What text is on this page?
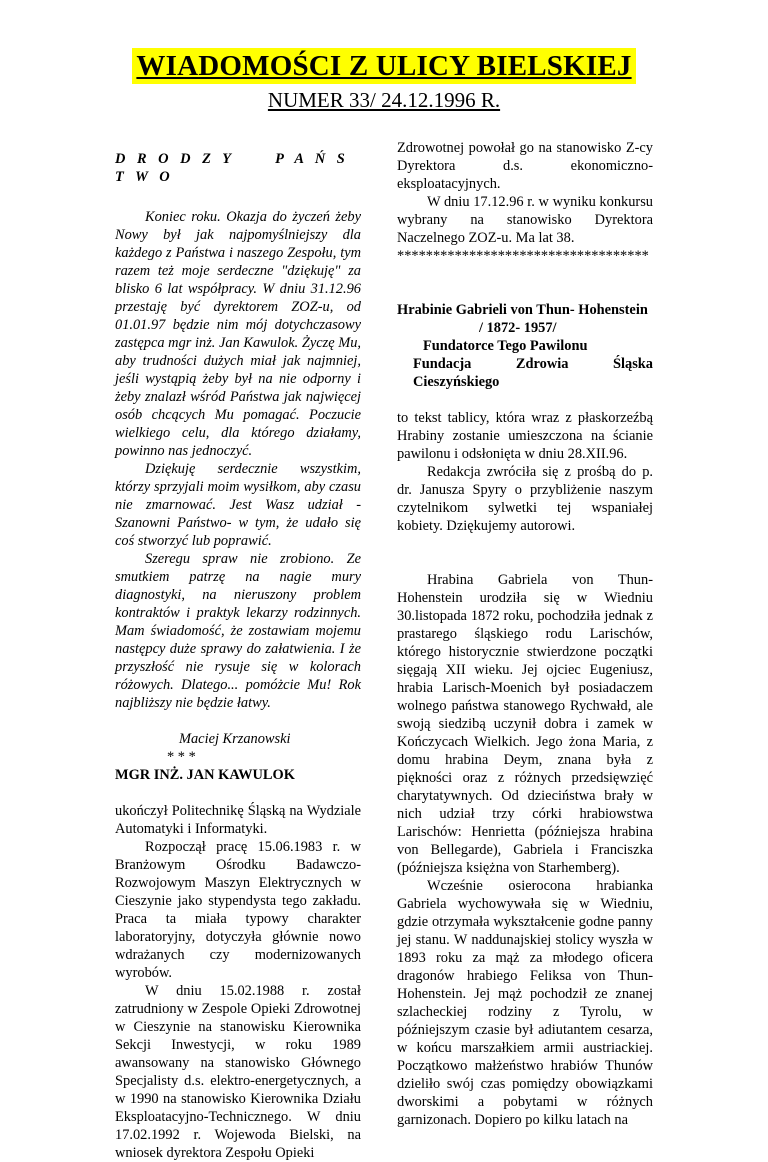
WIADOMOŚCI Z ULICY BIELSKIEJ
NUMER 33/ 24.12.1996 R.
D R O D Z Y	P A Ń S T W O

Koniec roku. Okazja do życzeń żeby Nowy był jak najpomyślniejszy dla każdego z Państwa i naszego Zespołu, tym razem też moje serdeczne "dziękuję" za blisko 6 lat współpracy. W dniu 31.12.96 przestaję być dyrektorem ZOZ-u, od 01.01.97 będzie nim mój dotychczasowy zastępca mgr inż. Jan Kawulok. Życzę Mu, aby trudności dużych miał jak najmniej, jeśli wystąpią żeby był na nie odporny i żeby znalazł wśród Państwa jak najwięcej osób chcących Mu pomagać. Poczucie wielkiego celu, dla którego działamy, powinno nas jednoczyć.

Dziękuję serdecznie wszystkim, którzy sprzyjali moim wysiłkom, aby czasu nie zmarnować. Jest Wasz udział - Szanowni Państwo- w tym, że udało się coś stworzyć lub poprawić.

Szeregu spraw nie zrobiono. Ze smutkiem patrzę na nagie mury diagnostyki, na nieruszony problem kontraktów i praktyk lekarzy rodzinnych. Mam świadomość, że zostawiam mojemu następcy duże sprawy do załatwienia. I że przyszłość nie rysuje się w kolorach różowych. Dlatego... pomóżcie Mu! Rok najbliższy nie będzie łatwy.

Maciej Krzanowski

* * *

MGR INŻ. JAN KAWULOK

ukończył Politechnikę Śląską na Wydziale Automatyki i Informatyki.

Rozpoczął pracę 15.06.1983 r. w Branżowym Ośrodku Badawczo- Rozwojowym Maszyn Elektrycznych w Cieszynie jako stypendysta tego zakładu. Praca ta miała typowy charakter laboratoryjny, dotyczyła głównie nowo wdrażanych czy modernizowanych wyrobów.

W dniu 15.02.1988 r. został zatrudniony w Zespole Opieki Zdrowotnej w Cieszynie na stanowisku Kierownika Sekcji Inwestycji, w roku 1989 awansowany na stanowisko Głównego Specjalisty d.s. elektro-energetycznych, a w 1990 na stanowisko Kierownika Działu Eksploatacyjno-Technicznego. W dniu 17.02.1992 r. Wojewoda Bielski, na wniosek dyrektora Zespołu Opieki

Zdrowotnej powołał go na stanowisko Z-cy Dyrektora d.s. ekonomiczno-eksploatacyjnych.

W dniu 17.12.96 r. w wyniku konkursu wybrany na stanowisko Dyrektora Naczelnego ZOZ-u. Ma lat 38.

***********************************

Hrabinie Gabrieli von Thun- Hohenstein

/ 1872- 1957/

Fundatorce Tego Pawilonu

Fundacja Zdrowia Śląska Cieszyńskiego

to tekst tablicy, która wraz z płaskorzeźbą Hrabiny zostanie umieszczona na ścianie pawilonu i odsłonięta w dniu 28.XII.96.

Redakcja zwróciła się z prośbą do p. dr. Janusza Spyry o przybliżenie naszym czytelnikom sylwetki tej wspaniałej kobiety. Dziękujemy autorowi.

Hrabina Gabriela von Thun-Hohenstein urodziła się w Wiedniu 30.listopada 1872 roku, pochodziła jednak z prastarego śląskiego rodu Larischów, którego historycznie stwierdzone początki sięgają XII wieku. Jej ojciec Eugeniusz, hrabia Larisch-Moenich był posiadaczem wolnego państwa stanowego Rychwałd, ale swoją siedzibą uczynił dobra i zamek w Kończycach Wielkich. Jego żona Maria, z domu hrabina Deym, znana była z piękności oraz z różnych przedsięwzięć charytatywnych. Od dzieciństwa brały w nich udział trzy córki hrabiowstwa Larischów: Henrietta (późniejsza hrabina von Bellegarde), Gabriela i Franciszka (późniejsza księżna von Starhemberg).

Wcześnie osierocona hrabianka Gabriela wychowywała się w Wiedniu, gdzie otrzymała wykształcenie godne panny jej stanu. W naddunajskiej stolicy wyszła w 1893 roku za mąż za młodego oficera dragonów hrabiego Feliksa von Thun-Hohenstein. Jej mąż pochodził ze znanej szlacheckiej rodziny z Tyrolu, w późniejszym czasie był adiutantem cesarza, w końcu marszałkiem armii austriackiej. Początkowo małżeństwo hrabiów Thunów dzieliło swój czas pomiędzy obowiązkami dworskimi a pobytami w różnych garnizonach. Dopiero po kilku latach na
